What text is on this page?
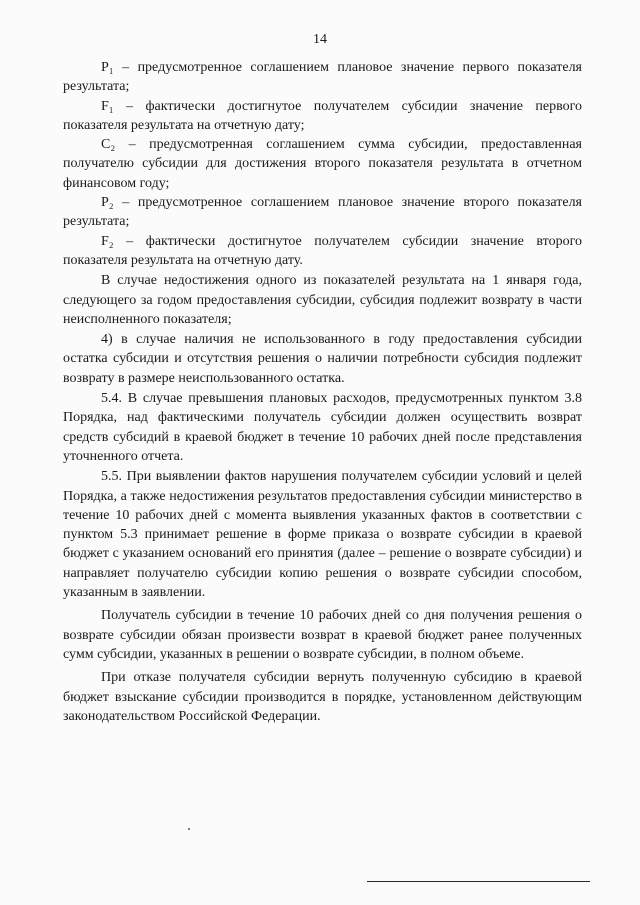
14

P₁ – предусмотренное соглашением плановое значение первого показателя результата;

F₁ – фактически достигнутое получателем субсидии значение первого показателя результата на отчетную дату;

C₂ – предусмотренная соглашением сумма субсидии, предоставленная получателю субсидии для достижения второго показателя результата в отчетном финансовом году;

P₂ – предусмотренное соглашением плановое значение второго показателя результата;

F₂ – фактически достигнутое получателем субсидии значение второго показателя результата на отчетную дату.

В случае недостижения одного из показателей результата на 1 января года, следующего за годом предоставления субсидии, субсидия подлежит возврату в части неисполненного показателя;

4) в случае наличия не использованного в году предоставления субсидии остатка субсидии и отсутствия решения о наличии потребности субсидия подлежит возврату в размере неиспользованного остатка.

5.4. В случае превышения плановых расходов, предусмотренных пунктом 3.8 Порядка, над фактическими получатель субсидии должен осуществить возврат средств субсидий в краевой бюджет в течение 10 рабочих дней после представления уточненного отчета.

5.5. При выявлении фактов нарушения получателем субсидии условий и целей Порядка, а также недостижения результатов предоставления субсидии министерство в течение 10 рабочих дней с момента выявления указанных фактов в соответствии с пунктом 5.3 принимает решение в форме приказа о возврате субсидии в краевой бюджет с указанием оснований его принятия (далее – решение о возврате субсидии) и направляет получателю субсидии копию решения о возврате субсидии способом, указанным в заявлении.

Получатель субсидии в течение 10 рабочих дней со дня получения решения о возврате субсидии обязан произвести возврат в краевой бюджет ранее полученных сумм субсидии, указанных в решении о возврате субсидии, в полном объеме.

При отказе получателя субсидии вернуть полученную субсидию в краевой бюджет взыскание субсидии производится в порядке, установленном действующим законодательством Российской Федерации.
